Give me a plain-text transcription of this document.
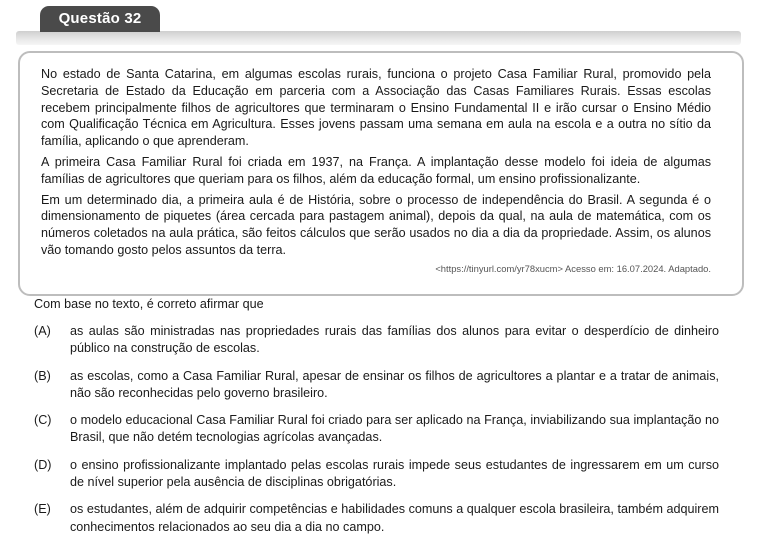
Questão 32

No estado de Santa Catarina, em algumas escolas rurais, funciona o projeto Casa Familiar Rural, promovido pela Secretaria de Estado da Educação em parceria com a Associação das Casas Familiares Rurais. Essas escolas recebem principalmente filhos de agricultores que terminaram o Ensino Fundamental II e irão cursar o Ensino Médio com Qualificação Técnica em Agricultura. Esses jovens passam uma semana em aula na escola e a outra no sítio da família, aplicando o que aprenderam.

A primeira Casa Familiar Rural foi criada em 1937, na França. A implantação desse modelo foi ideia de algumas famílias de agricultores que queriam para os filhos, além da educação formal, um ensino profissionalizante.

Em um determinado dia, a primeira aula é de História, sobre o processo de independência do Brasil. A segunda é o dimensionamento de piquetes (área cercada para pastagem animal), depois da qual, na aula de matemática, com os números coletados na aula prática, são feitos cálculos que serão usados no dia a dia da propriedade. Assim, os alunos vão tomando gosto pelos assuntos da terra.

<https://tinyurl.com/yr78xucm> Acesso em: 16.07.2024. Adaptado.
Com base no texto, é correto afirmar que
(A)	as aulas são ministradas nas propriedades rurais das famílias dos alunos para evitar o desperdício de dinheiro público na construção de escolas.
(B)	as escolas, como a Casa Familiar Rural, apesar de ensinar os filhos de agricultores a plantar e a tratar de animais, não são reconhecidas pelo governo brasileiro.
(C)	o modelo educacional Casa Familiar Rural foi criado para ser aplicado na França, inviabilizando sua implantação no Brasil, que não detém tecnologias agrícolas avançadas.
(D)	o ensino profissionalizante implantado pelas escolas rurais impede seus estudantes de ingressarem em um curso de nível superior pela ausência de disciplinas obrigatórias.
(E)	os estudantes, além de adquirir competências e habilidades comuns a qualquer escola brasileira, também adquirem conhecimentos relacionados ao seu dia a dia no campo.
